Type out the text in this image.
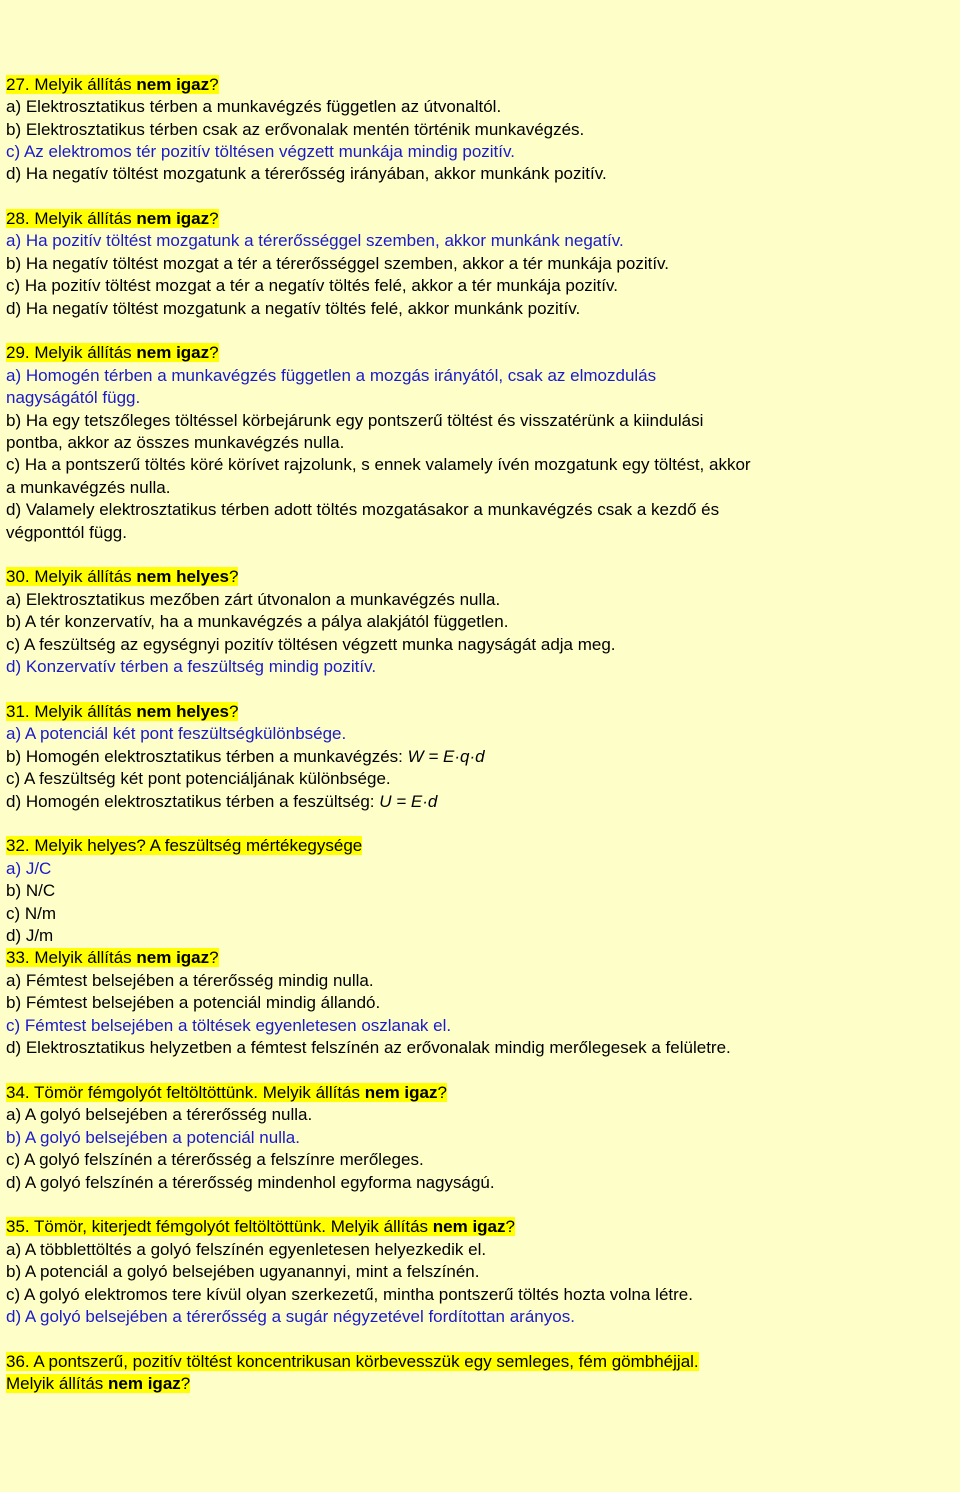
27. Melyik állítás nem igaz?
a) Elektrosztatikus térben a munkavégzés független az útvonaltól.
b) Elektrosztatikus térben csak az erővonalak mentén történik munkavégzés.
c) Az elektromos tér pozitív töltésen végzett munkája mindig pozitív.
d) Ha negatív töltést mozgatunk a térerősség irányában, akkor munkánk pozitív.
28. Melyik állítás nem igaz?
a) Ha pozitív töltést mozgatunk a térerősséggel szemben, akkor munkánk negatív.
b) Ha negatív töltést mozgat a tér a térerősséggel szemben, akkor a tér munkája pozitív.
c) Ha pozitív töltést mozgat a tér a negatív töltés felé, akkor a tér munkája pozitív.
d) Ha negatív töltést mozgatunk a negatív töltés felé, akkor munkánk pozitív.
29. Melyik állítás nem igaz?
a) Homogén térben a munkavégzés független a mozgás irányától, csak az elmozdulás
nagyságától függ.
b) Ha egy tetszőleges töltéssel körbejárunk egy pontszerű töltést és visszatérünk a kiindulási
pontba, akkor az összes munkavégzés nulla.
c) Ha a pontszerű töltés köré körívet rajzolunk, s ennek valamely ívén mozgatunk egy töltést, akkor
a munkavégzés nulla.
d) Valamely elektrosztatikus térben adott töltés mozgatásakor a munkavégzés csak a kezdő és
végponttól függ.
30. Melyik állítás nem helyes?
a) Elektrosztatikus mezőben zárt útvonalon a munkavégzés nulla.
b) A tér konzervatív, ha a munkavégzés a pálya alakjától független.
c) A feszültség az egységnyi pozitív töltésen végzett munka nagyságát adja meg.
d) Konzervatív térben a feszültség mindig pozitív.
31. Melyik állítás nem helyes?
a) A potenciál két pont feszültségkülönbsége.
b) Homogén elektrosztatikus térben a munkavégzés: W = E·q·d
c) A feszültség két pont potenciáljának különbsége.
d) Homogén elektrosztatikus térben a feszültség: U = E·d
32. Melyik helyes? A feszültség mértékegysége
a) J/C
b) N/C
c) N/m
d) J/m
33. Melyik állítás nem igaz?
a) Fémtest belsejében a térerősség mindig nulla.
b) Fémtest belsejében a potenciál mindig állandó.
c) Fémtest belsejében a töltések egyenletesen oszlanak el.
d) Elektrosztatikus helyzetben a fémtest felszínén az erővonalak mindig merőlegesek a felületre.
34. Tömör fémgolyót feltöltöttünk. Melyik állítás nem igaz?
a) A golyó belsejében a térerősség nulla.
b) A golyó belsejében a potenciál nulla.
c) A golyó felszínén a térerősség a felszínre merőleges.
d) A golyó felszínén a térerősség mindenhol egyforma nagyságú.
35. Tömör, kiterjedt fémgolyót feltöltöttünk. Melyik állítás nem igaz?
a) A többlettöltés a golyó felszínén egyenletesen helyezkedik el.
b) A potenciál a golyó belsejében ugyanannyi, mint a felszínén.
c) A golyó elektromos tere kívül olyan szerkezetű, mintha pontszerű töltés hozta volna létre.
d) A golyó belsejében a térerősség a sugár négyzetével fordítottan arányos.
36. A pontszerű, pozitív töltést koncentrikusan körbevesszük egy semleges, fém gömbhéjjal.
Melyik állítás nem igaz?
